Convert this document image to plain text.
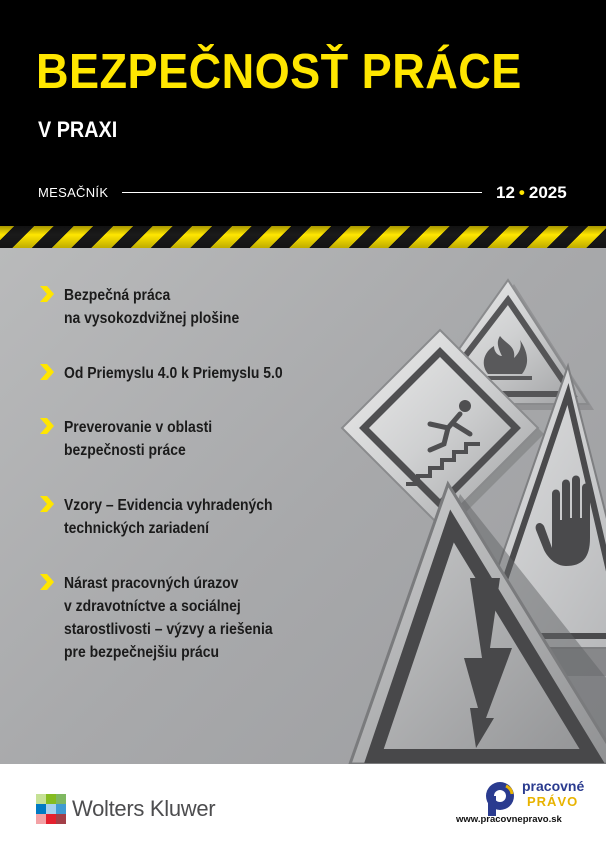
BEZPEČNOSŤ PRÁCE
V PRAXI
MESAČNÍK	12 • 2025
Bezpečná práca
na vysokozdvižnej plošine
Od Priemyslu 4.0 k Priemyslu 5.0
Preverovanie v oblasti
bezpečnosti práce
Vzory – Evidencia vyhradených
technických zariadení
Nárast pracovných úrazov
v zdravotníctve a sociálnej
starostlivosti – výzvy a riešenia
pre bezpečnejšiu prácu
Wolters Kluwer
pracovné
PRÁVO
www.pracovnepravo.sk
